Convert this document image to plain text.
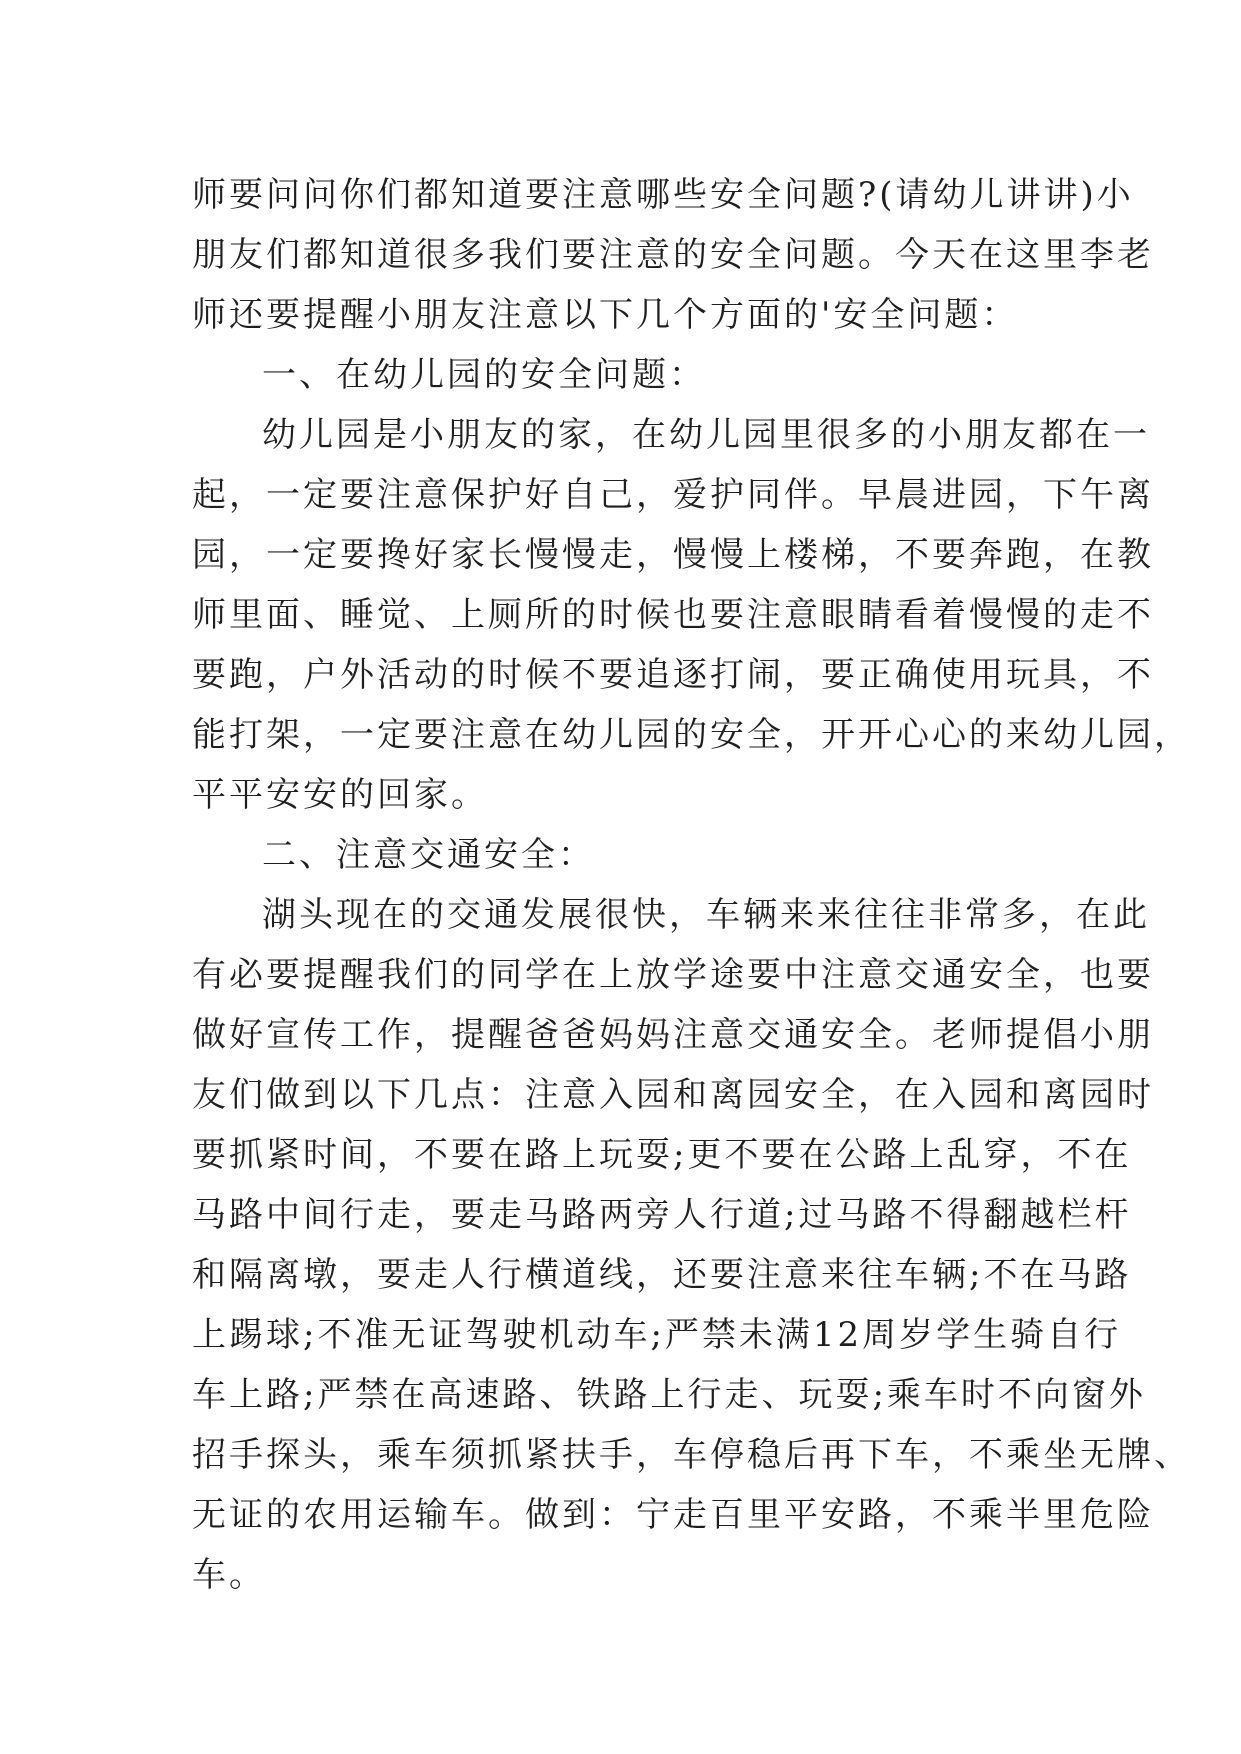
师要问问你们都知道要注意哪些安全问题?(请幼儿讲讲)小
朋友们都知道很多我们要注意的安全问题。今天在这里李老
师还要提醒小朋友注意以下几个方面的'安全问题：
一、在幼儿园的安全问题：
幼儿园是小朋友的家，在幼儿园里很多的小朋友都在一
起，一定要注意保护好自己，爱护同伴。早晨进园，下午离
园，一定要搀好家长慢慢走，慢慢上楼梯，不要奔跑，在教
师里面、睡觉、上厕所的时候也要注意眼睛看着慢慢的走不
要跑，户外活动的时候不要追逐打闹，要正确使用玩具，不
能打架，一定要注意在幼儿园的安全，开开心心的来幼儿园，
平平安安的回家。
二、注意交通安全：
湖头现在的交通发展很快，车辆来来往往非常多，在此
有必要提醒我们的同学在上放学途要中注意交通安全，也要
做好宣传工作，提醒爸爸妈妈注意交通安全。老师提倡小朋
友们做到以下几点：注意入园和离园安全，在入园和离园时
要抓紧时间，不要在路上玩耍;更不要在公路上乱穿，不在
马路中间行走，要走马路两旁人行道;过马路不得翻越栏杆
和隔离墩，要走人行横道线，还要注意来往车辆;不在马路
上踢球;不准无证驾驶机动车;严禁未满12周岁学生骑自行
车上路;严禁在高速路、铁路上行走、玩耍;乘车时不向窗外
招手探头，乘车须抓紧扶手，车停稳后再下车，不乘坐无牌、
无证的农用运输车。做到：宁走百里平安路，不乘半里危险
车。
